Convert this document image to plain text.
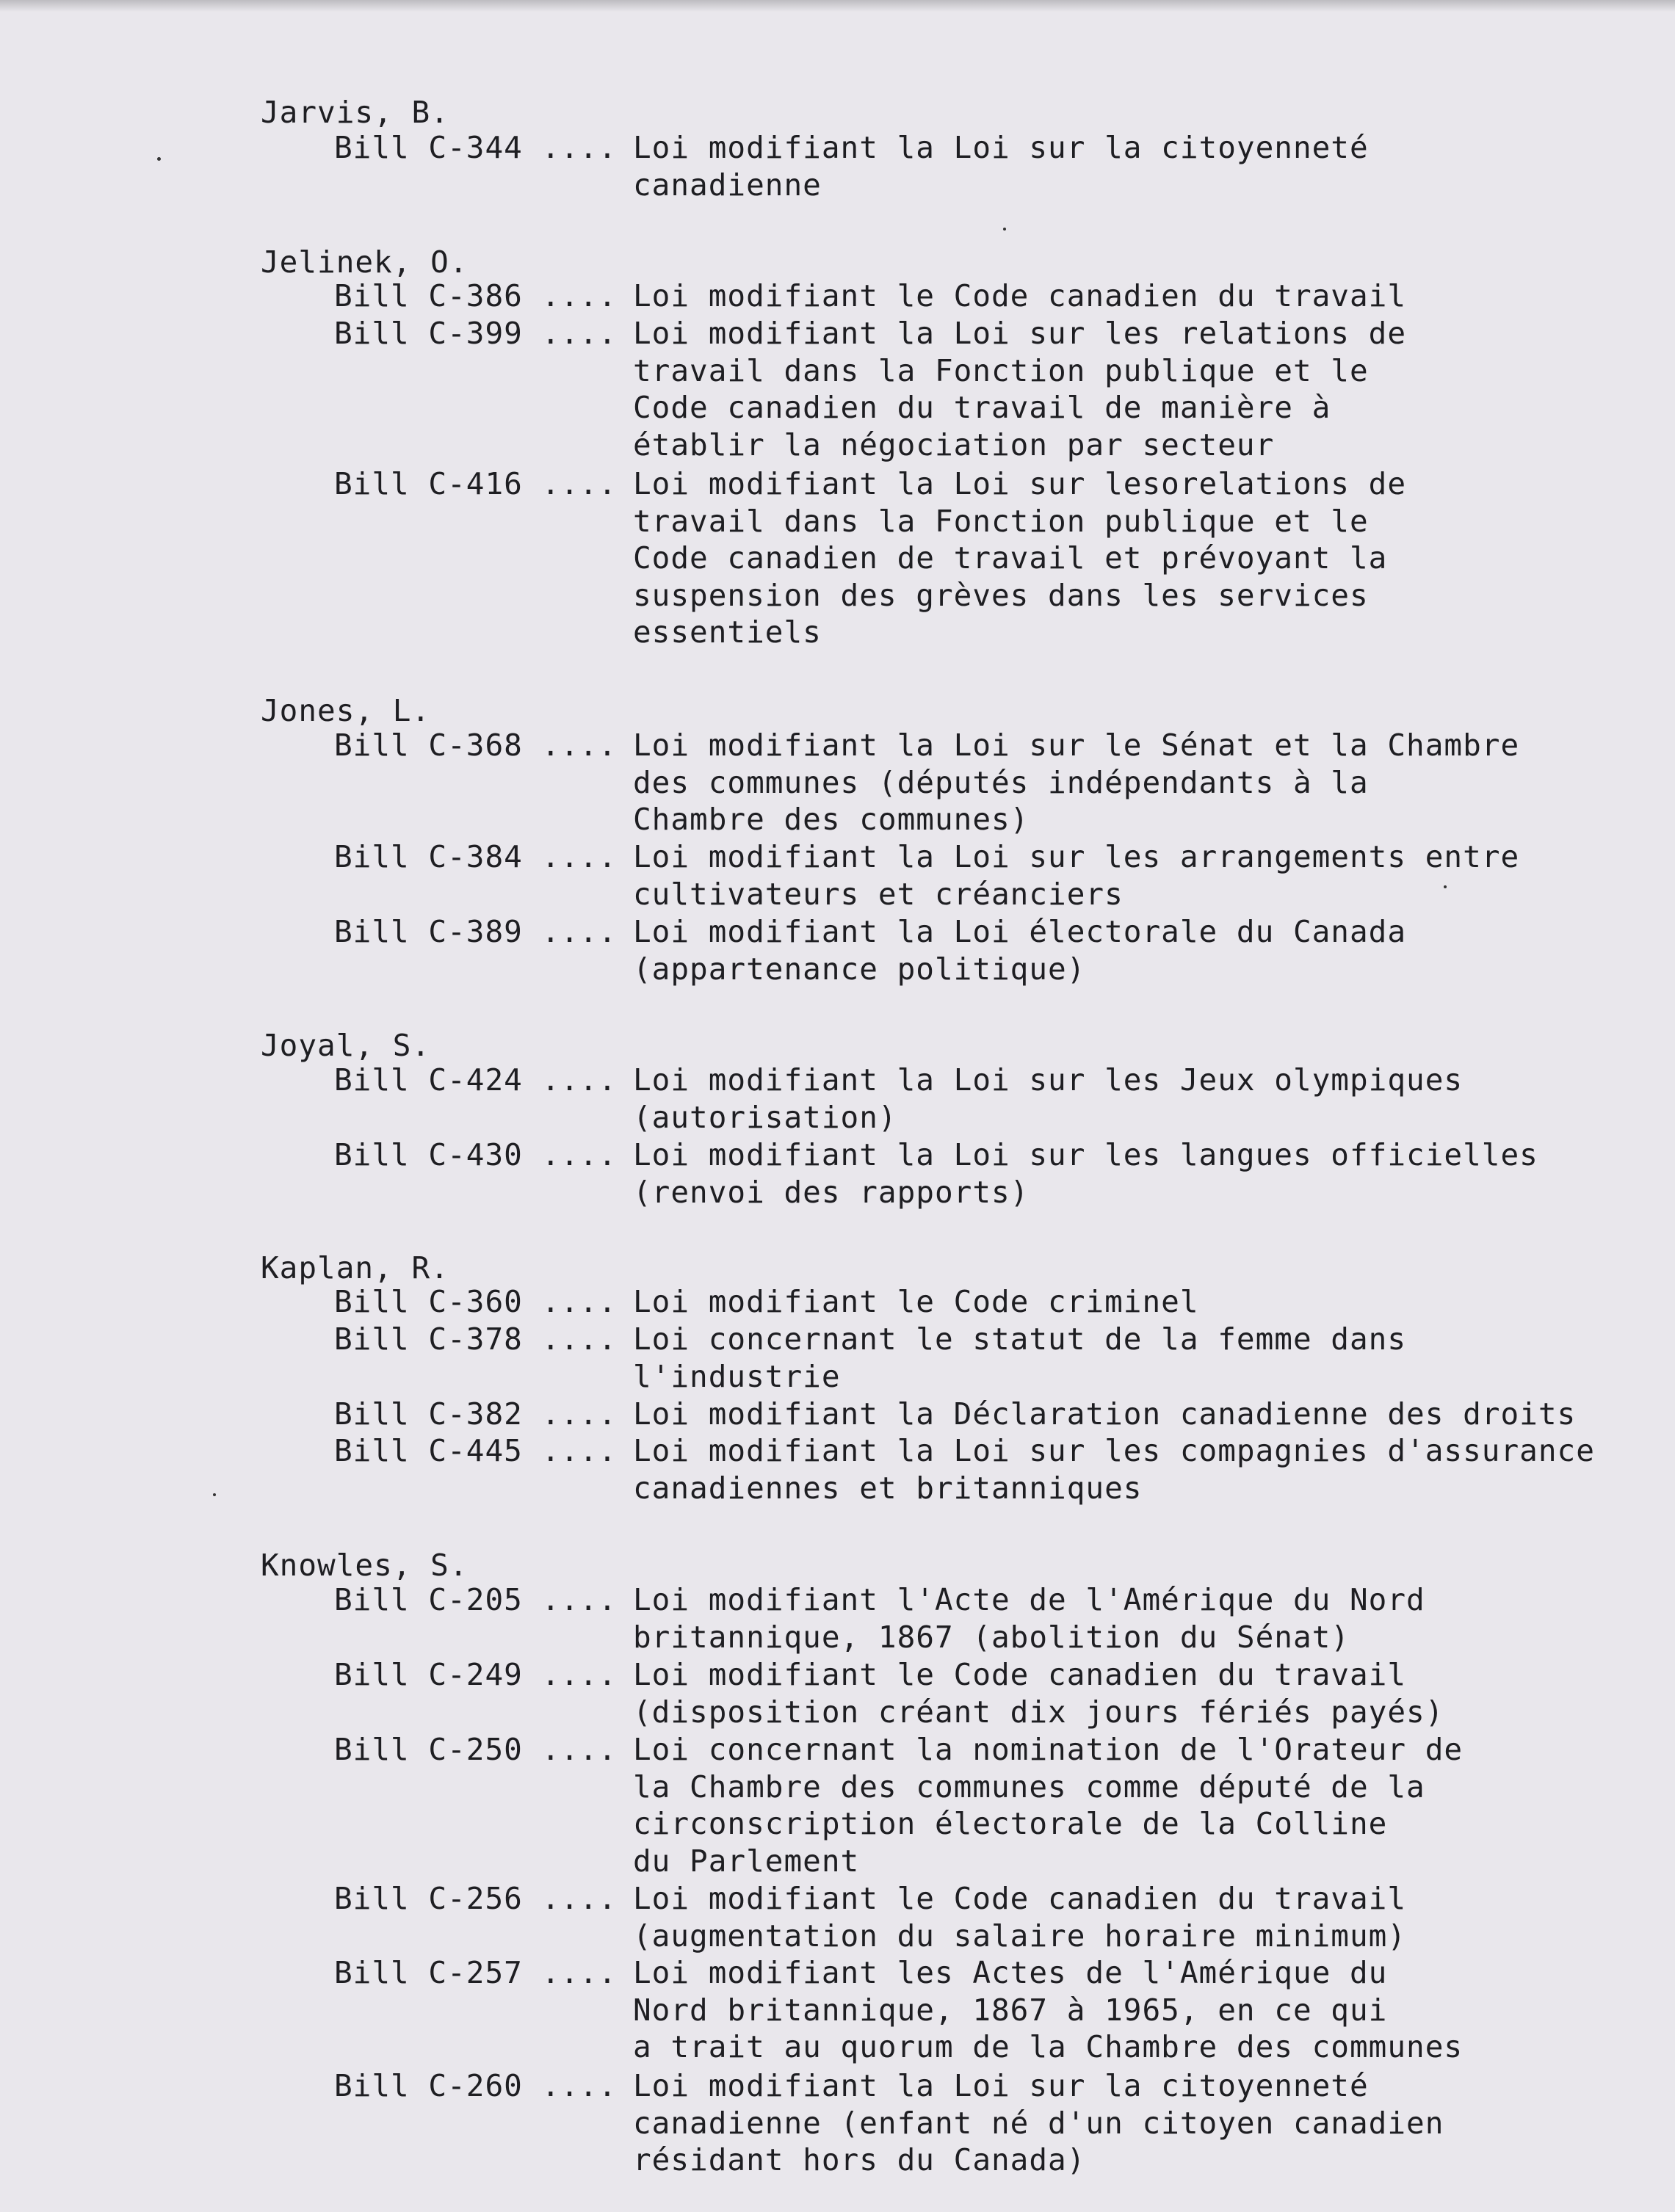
Jarvis, B.
Bill C-344 .... Loi modifiant la Loi sur la citoyenneté
canadienne
Jelinek, O.
Bill C-386 .... Loi modifiant le Code canadien du travail
Bill C-399 .... Loi modifiant la Loi sur les relations de
travail dans la Fonction publique et le
Code canadien du travail de manière à
établir la négociation par secteur
Bill C-416 .... Loi modifiant la Loi sur lesorelations de
travail dans la Fonction publique et le
Code canadien de travail et prévoyant la
suspension des grèves dans les services
essentiels
Jones, L.
Bill C-368 .... Loi modifiant la Loi sur le Sénat et la Chambre
des communes (députés indépendants à la
Chambre des communes)
Bill C-384 .... Loi modifiant la Loi sur les arrangements entre
cultivateurs et créanciers
Bill C-389 .... Loi modifiant la Loi électorale du Canada
(appartenance politique)
Joyal, S.
Bill C-424 .... Loi modifiant la Loi sur les Jeux olympiques
(autorisation)
Bill C-430 .... Loi modifiant la Loi sur les langues officielles
(renvoi des rapports)
Kaplan, R.
Bill C-360 .... Loi modifiant le Code criminel
Bill C-378 .... Loi concernant le statut de la femme dans
l'industrie
Bill C-382 .... Loi modifiant la Déclaration canadienne des droits
Bill C-445 .... Loi modifiant la Loi sur les compagnies d'assurance
canadiennes et britanniques
Knowles, S.
Bill C-205 .... Loi modifiant l'Acte de l'Amérique du Nord
britannique, 1867 (abolition du Sénat)
Bill C-249 .... Loi modifiant le Code canadien du travail
(disposition créant dix jours fériés payés)
Bill C-250 .... Loi concernant la nomination de l'Orateur de
la Chambre des communes comme député de la
circonscription électorale de la Colline
du Parlement
Bill C-256 .... Loi modifiant le Code canadien du travail
(augmentation du salaire horaire minimum)
Bill C-257 .... Loi modifiant les Actes de l'Amérique du
Nord britannique, 1867 à 1965, en ce qui
a trait au quorum de la Chambre des communes
Bill C-260 .... Loi modifiant la Loi sur la citoyenneté
canadienne (enfant né d'un citoyen canadien
résidant hors du Canada)
